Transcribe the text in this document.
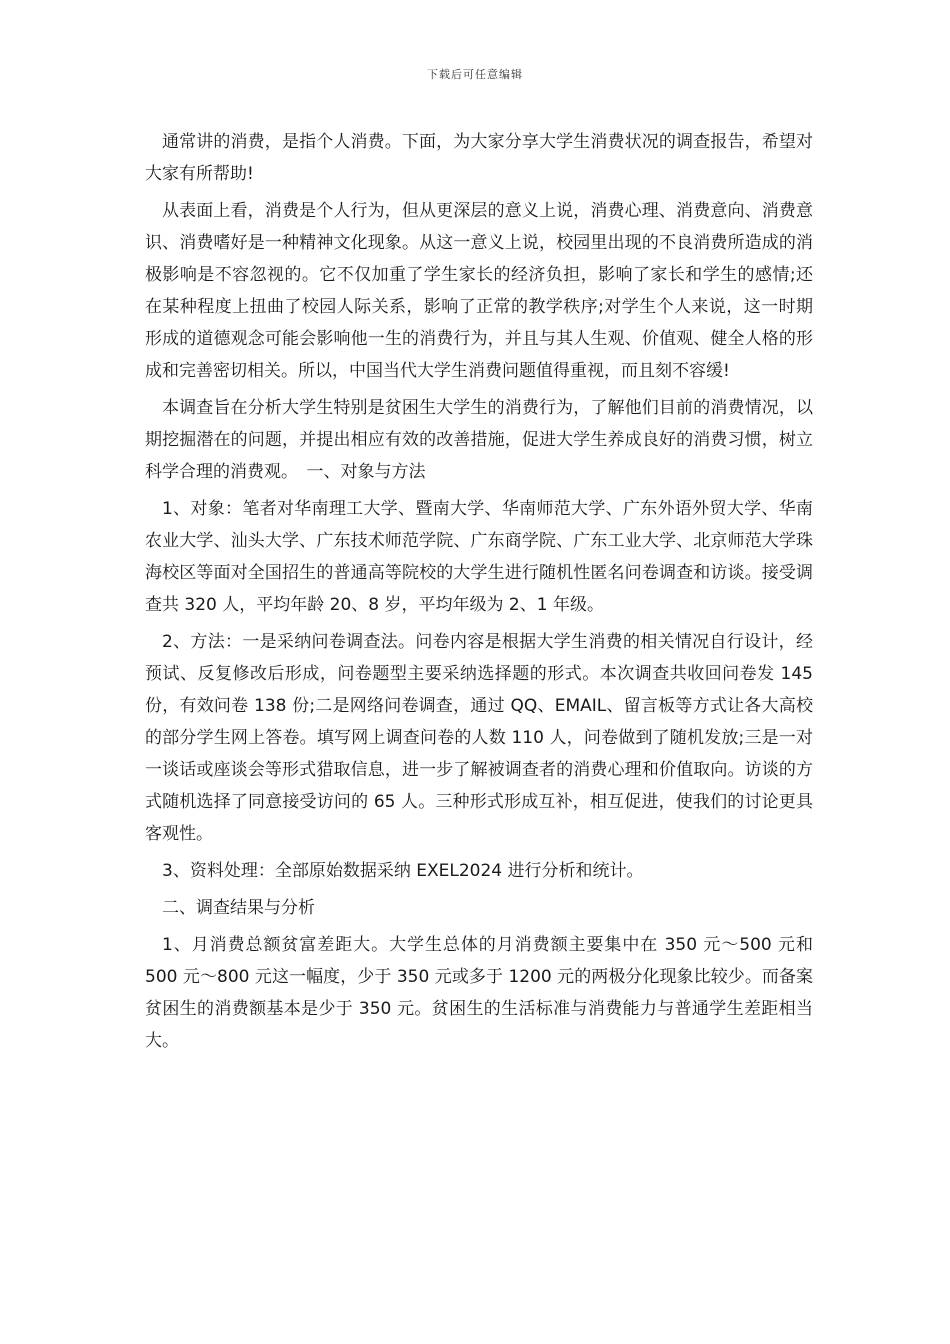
下载后可任意编辑

通常讲的消费，是指个人消费。下面，为大家分享大学生消费状况的调查报告，希望对大家有所帮助!

从表面上看，消费是个人行为，但从更深层的意义上说，消费心理、消费意向、消费意识、消费嗜好是一种精神文化现象。从这一意义上说，校园里出现的不良消费所造成的消极影响是不容忽视的。它不仅加重了学生家长的经济负担，影响了家长和学生的感情;还在某种程度上扭曲了校园人际关系，影响了正常的教学秩序;对学生个人来说，这一时期形成的道德观念可能会影响他一生的消费行为，并且与其人生观、价值观、健全人格的形成和完善密切相关。所以，中国当代大学生消费问题值得重视，而且刻不容缓!

本调查旨在分析大学生特别是贫困生大学生的消费行为，了解他们目前的消费情况，以期挖掘潜在的问题，并提出相应有效的改善措施，促进大学生养成良好的消费习惯，树立科学合理的消费观。　一、对象与方法

1、对象：笔者对华南理工大学、暨南大学、华南师范大学、广东外语外贸大学、华南农业大学、汕头大学、广东技术师范学院、广东商学院、广东工业大学、北京师范大学珠海校区等面对全国招生的普通高等院校的大学生进行随机性匿名问卷调查和访谈。接受调查共 320 人，平均年龄 20、8 岁，平均年级为 2、1 年级。

2、方法：一是采纳问卷调查法。问卷内容是根据大学生消费的相关情况自行设计，经预试、反复修改后形成，问卷题型主要采纳选择题的形式。本次调查共收回问卷发 145 份，有效问卷 138 份;二是网络问卷调查，通过 QQ、EMAIL、留言板等方式让各大高校的部分学生网上答卷。填写网上调查问卷的人数 110 人，问卷做到了随机发放;三是一对一谈话或座谈会等形式猎取信息，进一步了解被调查者的消费心理和价值取向。访谈的方式随机选择了同意接受访问的 65 人。三种形式形成互补，相互促进，使我们的讨论更具客观性。

3、资料处理：全部原始数据采纳 EXEL2024 进行分析和统计。

二、调查结果与分析

1、月消费总额贫富差距大。大学生总体的月消费额主要集中在 350 元～500 元和 500 元～800 元这一幅度，少于 350 元或多于 1200 元的两极分化现象比较少。而备案贫困生的消费额基本是少于 350 元。贫困生的生活标准与消费能力与普通学生差距相当大。
